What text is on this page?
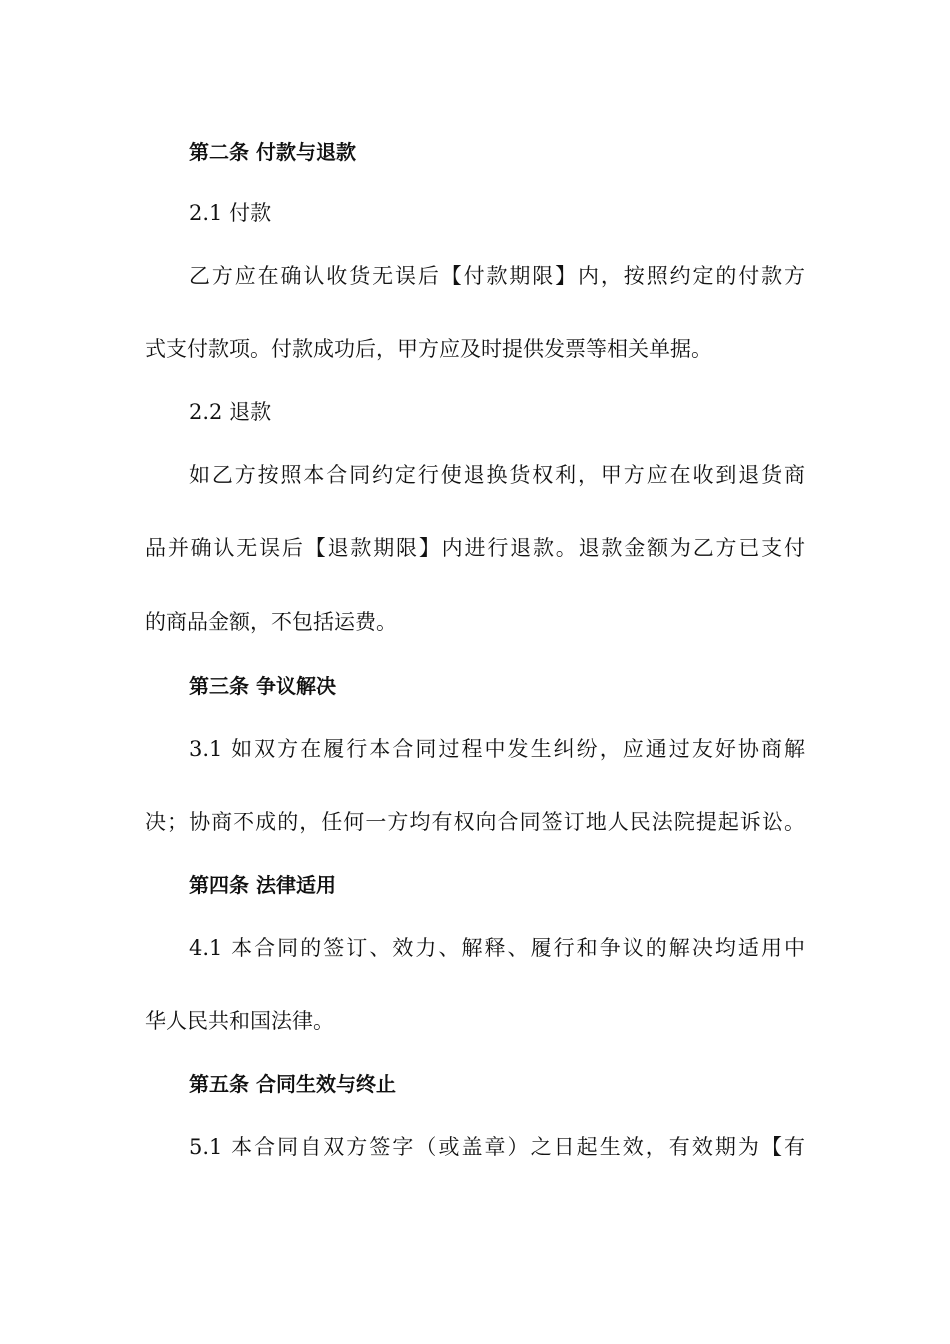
第二条 付款与退款
2.1 付款
乙方应在确认收货无误后【付款期限】内，按照约定的付款方
式支付款项。付款成功后，甲方应及时提供发票等相关单据。
2.2 退款
如乙方按照本合同约定行使退换货权利，甲方应在收到退货商
品并确认无误后【退款期限】内进行退款。退款金额为乙方已支付
的商品金额，不包括运费。
第三条 争议解决
3.1 如双方在履行本合同过程中发生纠纷，应通过友好协商解
决；协商不成的，任何一方均有权向合同签订地人民法院提起诉讼。
第四条 法律适用
4.1 本合同的签订、效力、解释、履行和争议的解决均适用中
华人民共和国法律。
第五条 合同生效与终止
5.1 本合同自双方签字（或盖章）之日起生效，有效期为【有
